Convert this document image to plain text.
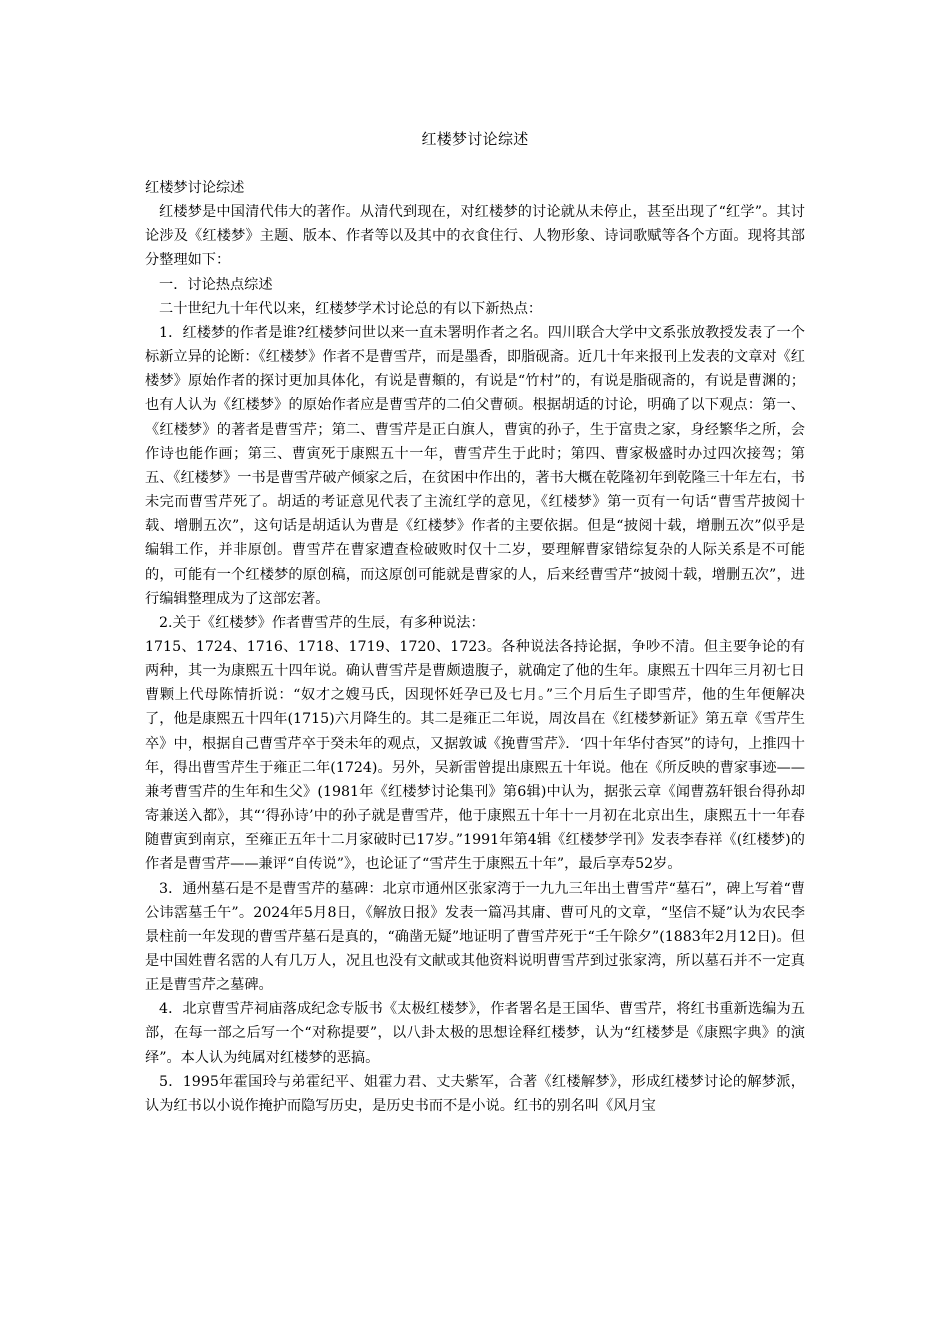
红楼梦讨论综述

红楼梦讨论综述

红楼梦是中国清代伟大的著作。从清代到现在，对红楼梦的讨论就从未停止，甚至出现了“红学”。其讨论涉及《红楼梦》主题、版本、作者等以及其中的衣食住行、人物形象、诗词歌赋等各个方面。现将其部分整理如下：

一．讨论热点综述

二十世纪九十年代以来，红楼梦学术讨论总的有以下新热点：

1．红楼梦的作者是谁?红楼梦问世以来一直未署明作者之名。四川联合大学中文系张放教授发表了一个标新立异的论断：《红楼梦》作者不是曹雪芹，而是墨香，即脂砚斋。近几十年来报刊上发表的文章对《红楼梦》原始作者的探讨更加具体化，有说是曹頫的，有说是“竹村”的，有说是脂砚斋的，有说是曹渊的；也有人认为《红楼梦》的原始作者应是曹雪芹的二伯父曹硕。根据胡适的讨论，明确了以下观点：第一、《红楼梦》的著者是曹雪芹；第二、曹雪芹是正白旗人，曹寅的孙子，生于富贵之家，身经繁华之所，会作诗也能作画；第三、曹寅死于康熙五十一年，曹雪芹生于此时；第四、曹家极盛时办过四次接驾；第五、《红楼梦》一书是曹雪芹破产倾家之后，在贫困中作出的，著书大概在乾隆初年到乾隆三十年左右，书未完而曹雪芹死了。胡适的考证意见代表了主流红学的意见，《红楼梦》第一页有一句话“曹雪芹披阅十载、增删五次”，这句话是胡适认为曹是《红楼梦》作者的主要依据。但是“披阅十载，增删五次”似乎是编辑工作，并非原创。曹雪芹在曹家遭查检破败时仅十二岁，要理解曹家错综复杂的人际关系是不可能的，可能有一个红楼梦的原创稿，而这原创可能就是曹家的人，后来经曹雪芹“披阅十载，增删五次”，进行编辑整理成为了这部宏著。

2.关于《红楼梦》作者曹雪芹的生辰，有多种说法：

1715、1724、1716、1718、1719、1720、1723。各种说法各持论据，争吵不清。但主要争论的有两种，其一为康熙五十四年说。确认曹雪芹是曹颇遗腹子，就确定了他的生年。康熙五十四年三月初七日曹颗上代母陈情折说：“奴才之嫂马氏，因现怀妊孕已及七月。”三个月后生子即雪芹，他的生年便解决了，他是康熙五十四年(1715)六月降生的。其二是雍正二年说，周汝昌在《红楼梦新证》第五章《雪芹生卒》中，根据自己曹雪芹卒于癸未年的观点，又据敦诚《挽曹雪芹》．‘四十年华付杳冥”的诗句，上推四十年，得出曹雪芹生于雍正二年(1724)。另外，吴新雷曾提出康熙五十年说。他在《所反映的曹家事迹——兼考曹雪芹的生年和生父》(1981年《红楼梦讨论集刊》第6辑)中认为，据张云章《闻曹荔轩银台得孙却寄兼送入都》，其“‘得孙诗’中的孙子就是曹雪芹，他于康熙五十年十一月初在北京出生，康熙五十一年春随曹寅到南京，至雍正五年十二月家破时已17岁。”1991年第4辑《红楼梦学刊》发表李春祥《(红楼梦)的作者是曹雪芹——兼评“自传说”》，也论证了“雪芹生于康熙五十年”，最后享寿52岁。

3．通州墓石是不是曹雪芹的墓碑：北京市通州区张家湾于一九九三年出土曹雪芹“墓石”，碑上写着“曹公讳霑墓壬午”。2024年5月8日，《解放日报》发表一篇冯其庸、曹可凡的文章，“坚信不疑”认为农民李景柱前一年发现的曹雪芹墓石是真的，“确凿无疑”地证明了曹雪芹死于“壬午除夕”(1883年2月12日)。但是中国姓曹名霑的人有几万人，况且也没有文献或其他资料说明曹雪芹到过张家湾，所以墓石并不一定真正是曹雪芹之墓碑。

4．北京曹雪芹祠庙落成纪念专版书《太极红楼梦》，作者署名是王国华、曹雪芹，将红书重新选编为五部，在每一部之后写一个“对称提要”，以八卦太极的思想诠释红楼梦，认为“红楼梦是《康熙字典》的演绎”。本人认为纯属对红楼梦的恶搞。

5．1995年霍国玲与弟霍纪平、姐霍力君、丈夫紫军，合著《红楼解梦》，形成红楼梦讨论的解梦派，认为红书以小说作掩护而隐写历史，是历史书而不是小说。红书的别名叫《风月宝
